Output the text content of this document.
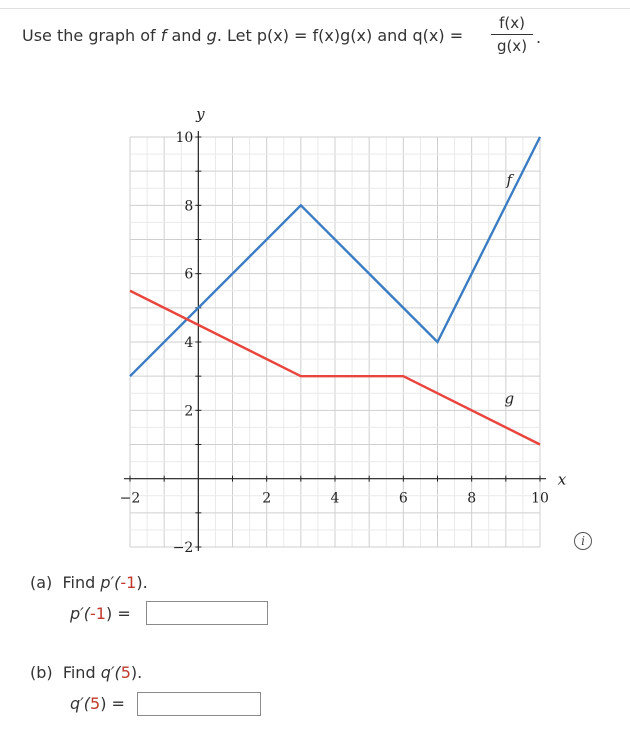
Use the graph of f and g. Let p(x) = f(x)g(x) and q(x) =
f(x)
g(x) .
−2	2	4	6	8	10
−2
2
4
6
8
10
x
y
f
g
i
(a) Find p′(-1).
p′(-1) =
(b) Find q′(5).
q′(5) =
